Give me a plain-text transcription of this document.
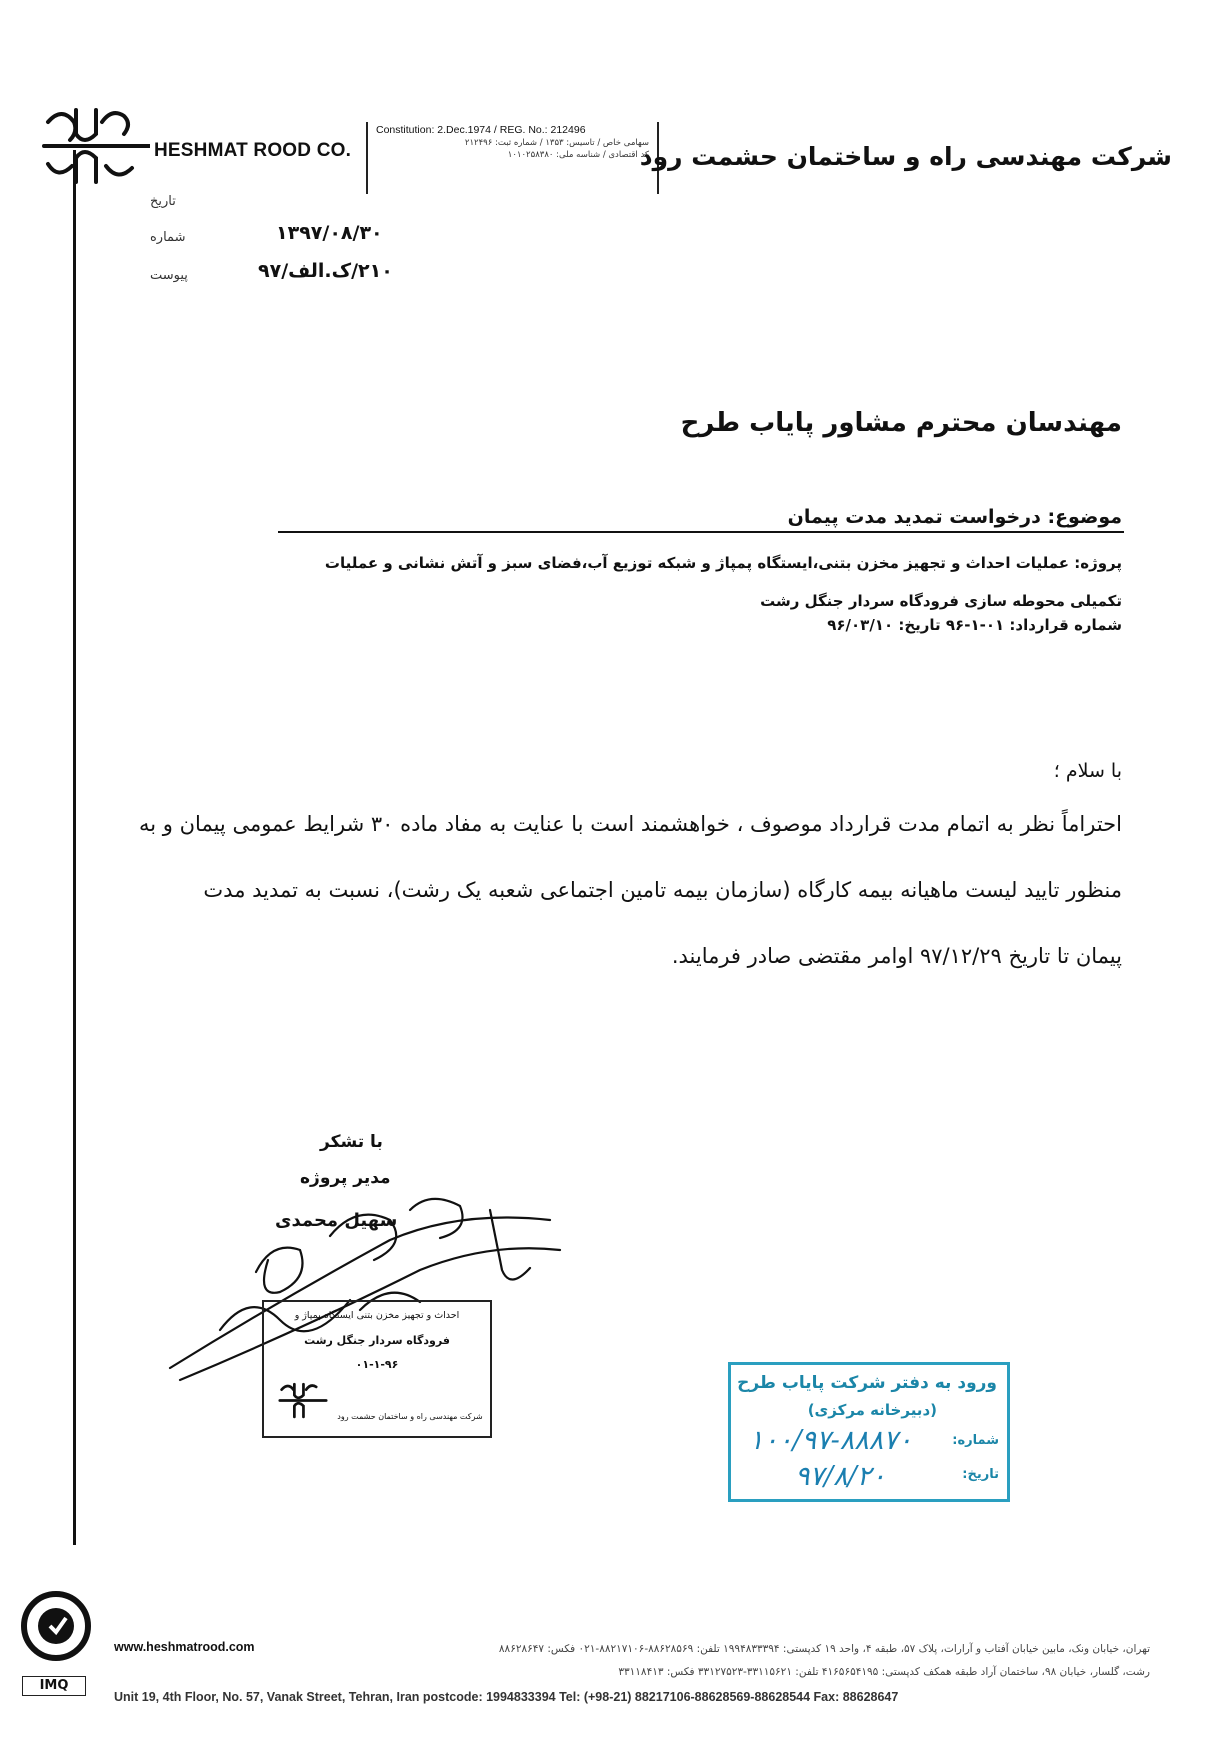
HESHMAT ROOD CO.
Constitution: 2.Dec.1974 / REG. No.: 212496
سهامی خاص / تاسیس: ۱۳۵۳ / شماره ثبت: ۲۱۲۴۹۶
کد اقتصادی / شناسه ملی: ۱۰۱۰۲۵۸۳۸۰
شرکت مهندسی راه و ساختمان حشمت رود
تاریخ
شماره	۱۳۹۷/۰۸/۳۰
پیوست	۲۱۰/ک.الف/۹۷
مهندسان محترم مشاور پایاب طرح
موضوع: درخواست تمدید مدت پیمان
پروژه: عملیات احداث و تجهیز مخزن بتنی،ایستگاه پمپاژ و شبکه توزیع آب،فضای سبز و آتش نشانی و عملیات تکمیلی محوطه سازی فرودگاه سردار جنگل رشت
شماره قرارداد: ۰۱-۱-۹۶ تاریخ: ۹۶/۰۳/۱۰
با سلام ؛
احتراماً نظر به اتمام مدت قرارداد موصوف ، خواهشمند است با عنایت به مفاد ماده ۳۰ شرایط عمومی پیمان و به
منظور تایید لیست ماهیانه بیمه کارگاه (سازمان بیمه تامین اجتماعی شعبه یک رشت)، نسبت به تمدید مدت
پیمان تا تاریخ ۹۷/۱۲/۲۹ اوامر مقتضی صادر فرمایند.
با تشکر
مدیر پروژه
سهیل محمدی
احداث و تجهیز مخزن بتنی ایستگاه پمپاژ و
فرودگاه سردار جنگل رشت
۰۱-۱-۹۶
شرکت مهندسی راه و ساختمان حشمت رود
ورود به دفتر شرکت پایاب طرح
(دبیرخانه مرکزی)
شماره:
۱۰۰/۹۷-۸۸۸۷۰
تاریخ:
۹۷/۸/۲۰
IMQ
www.heshmatrood.com	تهران، خیابان ونک، مابین خیابان آفتاب و آرارات، پلاک ۵۷، طبقه ۴، واحد ۱۹ کدپستی: ۱۹۹۴۸۳۳۳۹۴ تلفن: ۸۸۶۲۸۵۶۹-۸۸۲۱۷۱۰۶-۰۲۱ فکس: ۸۸۶۲۸۶۴۷
رشت، گلسار، خیابان ۹۸، ساختمان آراد طبقه همکف کدپستی: ۴۱۶۵۶۵۴۱۹۵ تلفن: ۳۳۱۱۵۶۲۱-۳۳۱۲۷۵۲۳ فکس: ۳۳۱۱۸۴۱۳
Unit 19, 4th Floor, No. 57, Vanak Street, Tehran, Iran postcode: 1994833394 Tel: (+98-21) 88217106-88628569-88628544 Fax: 88628647
